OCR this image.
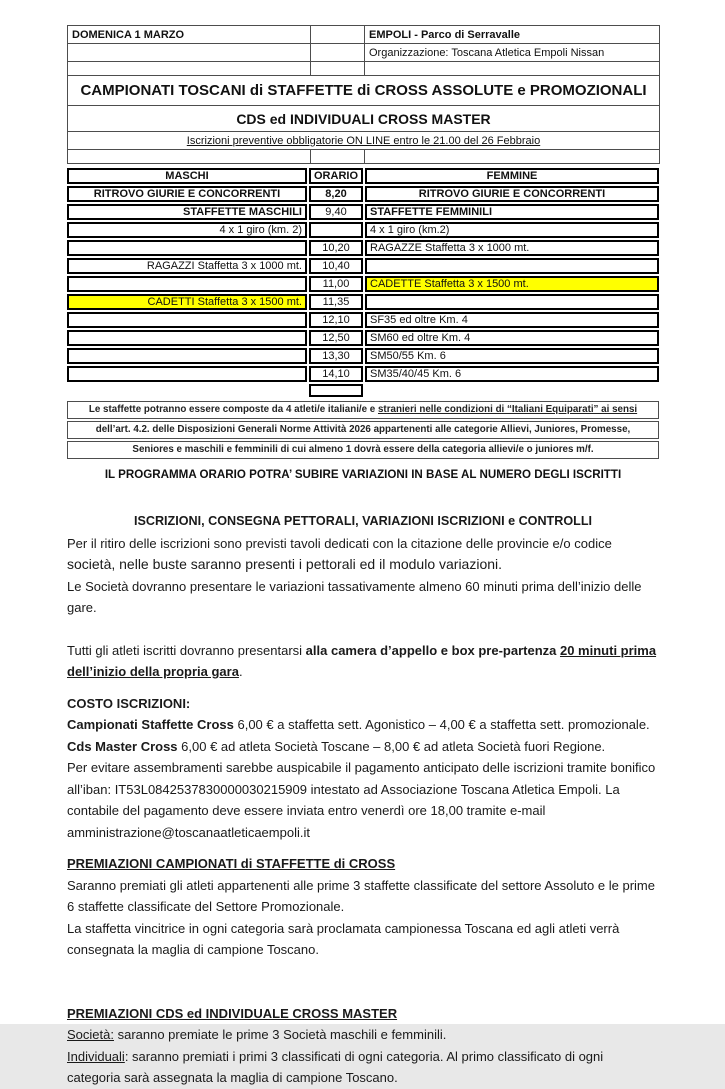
DOMENICA 1 MARZO		EMPOLI - Parco di Serravalle
		Organizzazione: Toscana Atletica Empoli Nissan

CAMPIONATI TOSCANI di STAFFETTE di CROSS ASSOLUTE e PROMOZIONALI		
CDS ed INDIVIDUALI CROSS MASTER		
Iscrizioni preventive obbligatorie ON LINE entro le 21.00 del 26 Febbraio		

MASCHI	ORARIO	FEMMINE
RITROVO GIURIE E CONCORRENTI	8,20	RITROVO GIURIE E CONCORRENTI
STAFFETTE MASCHILI	9,40	STAFFETTE FEMMINILI
4 x 1 giro (km. 2)		4 x 1 giro (km.2)
	10,20	RAGAZZE Staffetta 3 x 1000 mt.
RAGAZZI Staffetta 3 x 1000 mt.	10,40	
	11,00	CADETTE Staffetta 3 x 1500 mt.
CADETTI Staffetta 3 x 1500 mt.	11,35	
	12,10	SF35 ed oltre Km. 4
	12,50	SM60 ed oltre Km. 4
	13,30	SM50/55 Km. 6
	14,10	SM35/40/45 Km. 6

Le staffette potranno essere composte da 4 atleti/e italiani/e e stranieri nelle condizioni di “Italiani Equiparati” ai sensi
dell’art. 4.2. delle Disposizioni Generali Norme Attività 2026 appartenenti alle categorie Allievi, Juniores, Promesse,
Seniores e maschili e femminili di cui almeno 1 dovrà essere della categoria allievi/e o juniores m/f.
IL PROGRAMMA ORARIO POTRA’ SUBIRE VARIAZIONI IN BASE AL NUMERO DEGLI ISCRITTI
ISCRIZIONI, CONSEGNA PETTORALI, VARIAZIONI ISCRIZIONI e CONTROLLI

Per il ritiro delle iscrizioni sono previsti tavoli dedicati con la citazione delle provincie e/o codice società, nelle buste saranno presenti i pettorali ed il modulo variazioni.

Le Società dovranno presentare le variazioni tassativamente almeno 60 minuti prima dell’inizio delle gare.

Tutti gli atleti iscritti dovranno presentarsi alla camera d’appello e box pre-partenza 20 minuti prima dell’inizio della propria gara.

COSTO ISCRIZIONI:

Campionati Staffette Cross 6,00 € a staffetta sett. Agonistico – 4,00 € a staffetta sett. promozionale.

Cds Master Cross 6,00 € ad atleta Società Toscane – 8,00 € ad atleta Società fuori Regione.

Per evitare assembramenti sarebbe auspicabile il pagamento anticipato delle iscrizioni tramite bonifico all’iban: IT53L0842537830000030215909 intestato ad Associazione Toscana Atletica Empoli. La contabile del pagamento deve essere inviata entro venerdì ore 18,00 tramite e-mail amministrazione@toscanaatleticaempoli.it

PREMIAZIONI CAMPIONATI di STAFFETTE di CROSS

Saranno premiati gli atleti appartenenti alle prime 3 staffette classificate del settore Assoluto e le prime 6 staffette classificate del Settore Promozionale.

La staffetta vincitrice in ogni categoria sarà proclamata campionessa Toscana ed agli atleti verrà consegnata la maglia di campione Toscano.

PREMIAZIONI CDS ed INDIVIDUALE CROSS MASTER

Società: saranno premiate le prime 3 Società maschili e femminili.

Individuali: saranno premiati i primi 3 classificati di ogni categoria. Al primo classificato di ogni categoria sarà assegnata la maglia di campione Toscano.
